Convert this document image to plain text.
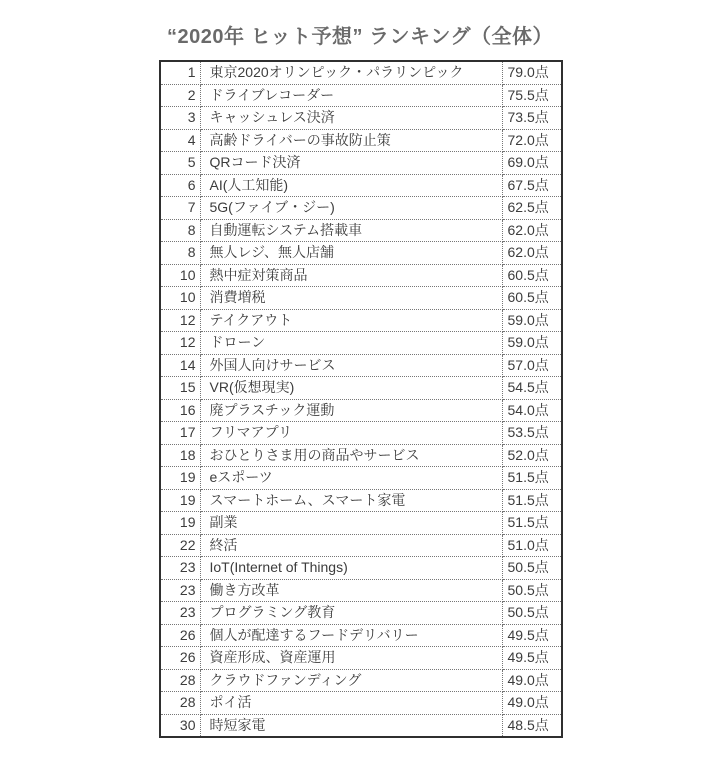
“2020年 ヒット予想” ランキング（全体）
1	東京2020オリンピック・パラリンピック	79.0点
2	ドライブレコーダー	75.5点
3	キャッシュレス決済	73.5点
4	高齢ドライバーの事故防止策	72.0点
5	QRコード決済	69.0点
6	AI(人工知能)	67.5点
7	5G(ファイブ・ジー)	62.5点
8	自動運転システム搭載車	62.0点
8	無人レジ、無人店舗	62.0点
10	熱中症対策商品	60.5点
10	消費増税	60.5点
12	テイクアウト	59.0点
12	ドローン	59.0点
14	外国人向けサービス	57.0点
15	VR(仮想現実)	54.5点
16	廃プラスチック運動	54.0点
17	フリマアプリ	53.5点
18	おひとりさま用の商品やサービス	52.0点
19	eスポーツ	51.5点
19	スマートホーム、スマート家電	51.5点
19	副業	51.5点
22	終活	51.0点
23	IoT(Internet of Things)	50.5点
23	働き方改革	50.5点
23	プログラミング教育	50.5点
26	個人が配達するフードデリバリー	49.5点
26	資産形成、資産運用	49.5点
28	クラウドファンディング	49.0点
28	ポイ活	49.0点
30	時短家電	48.5点
